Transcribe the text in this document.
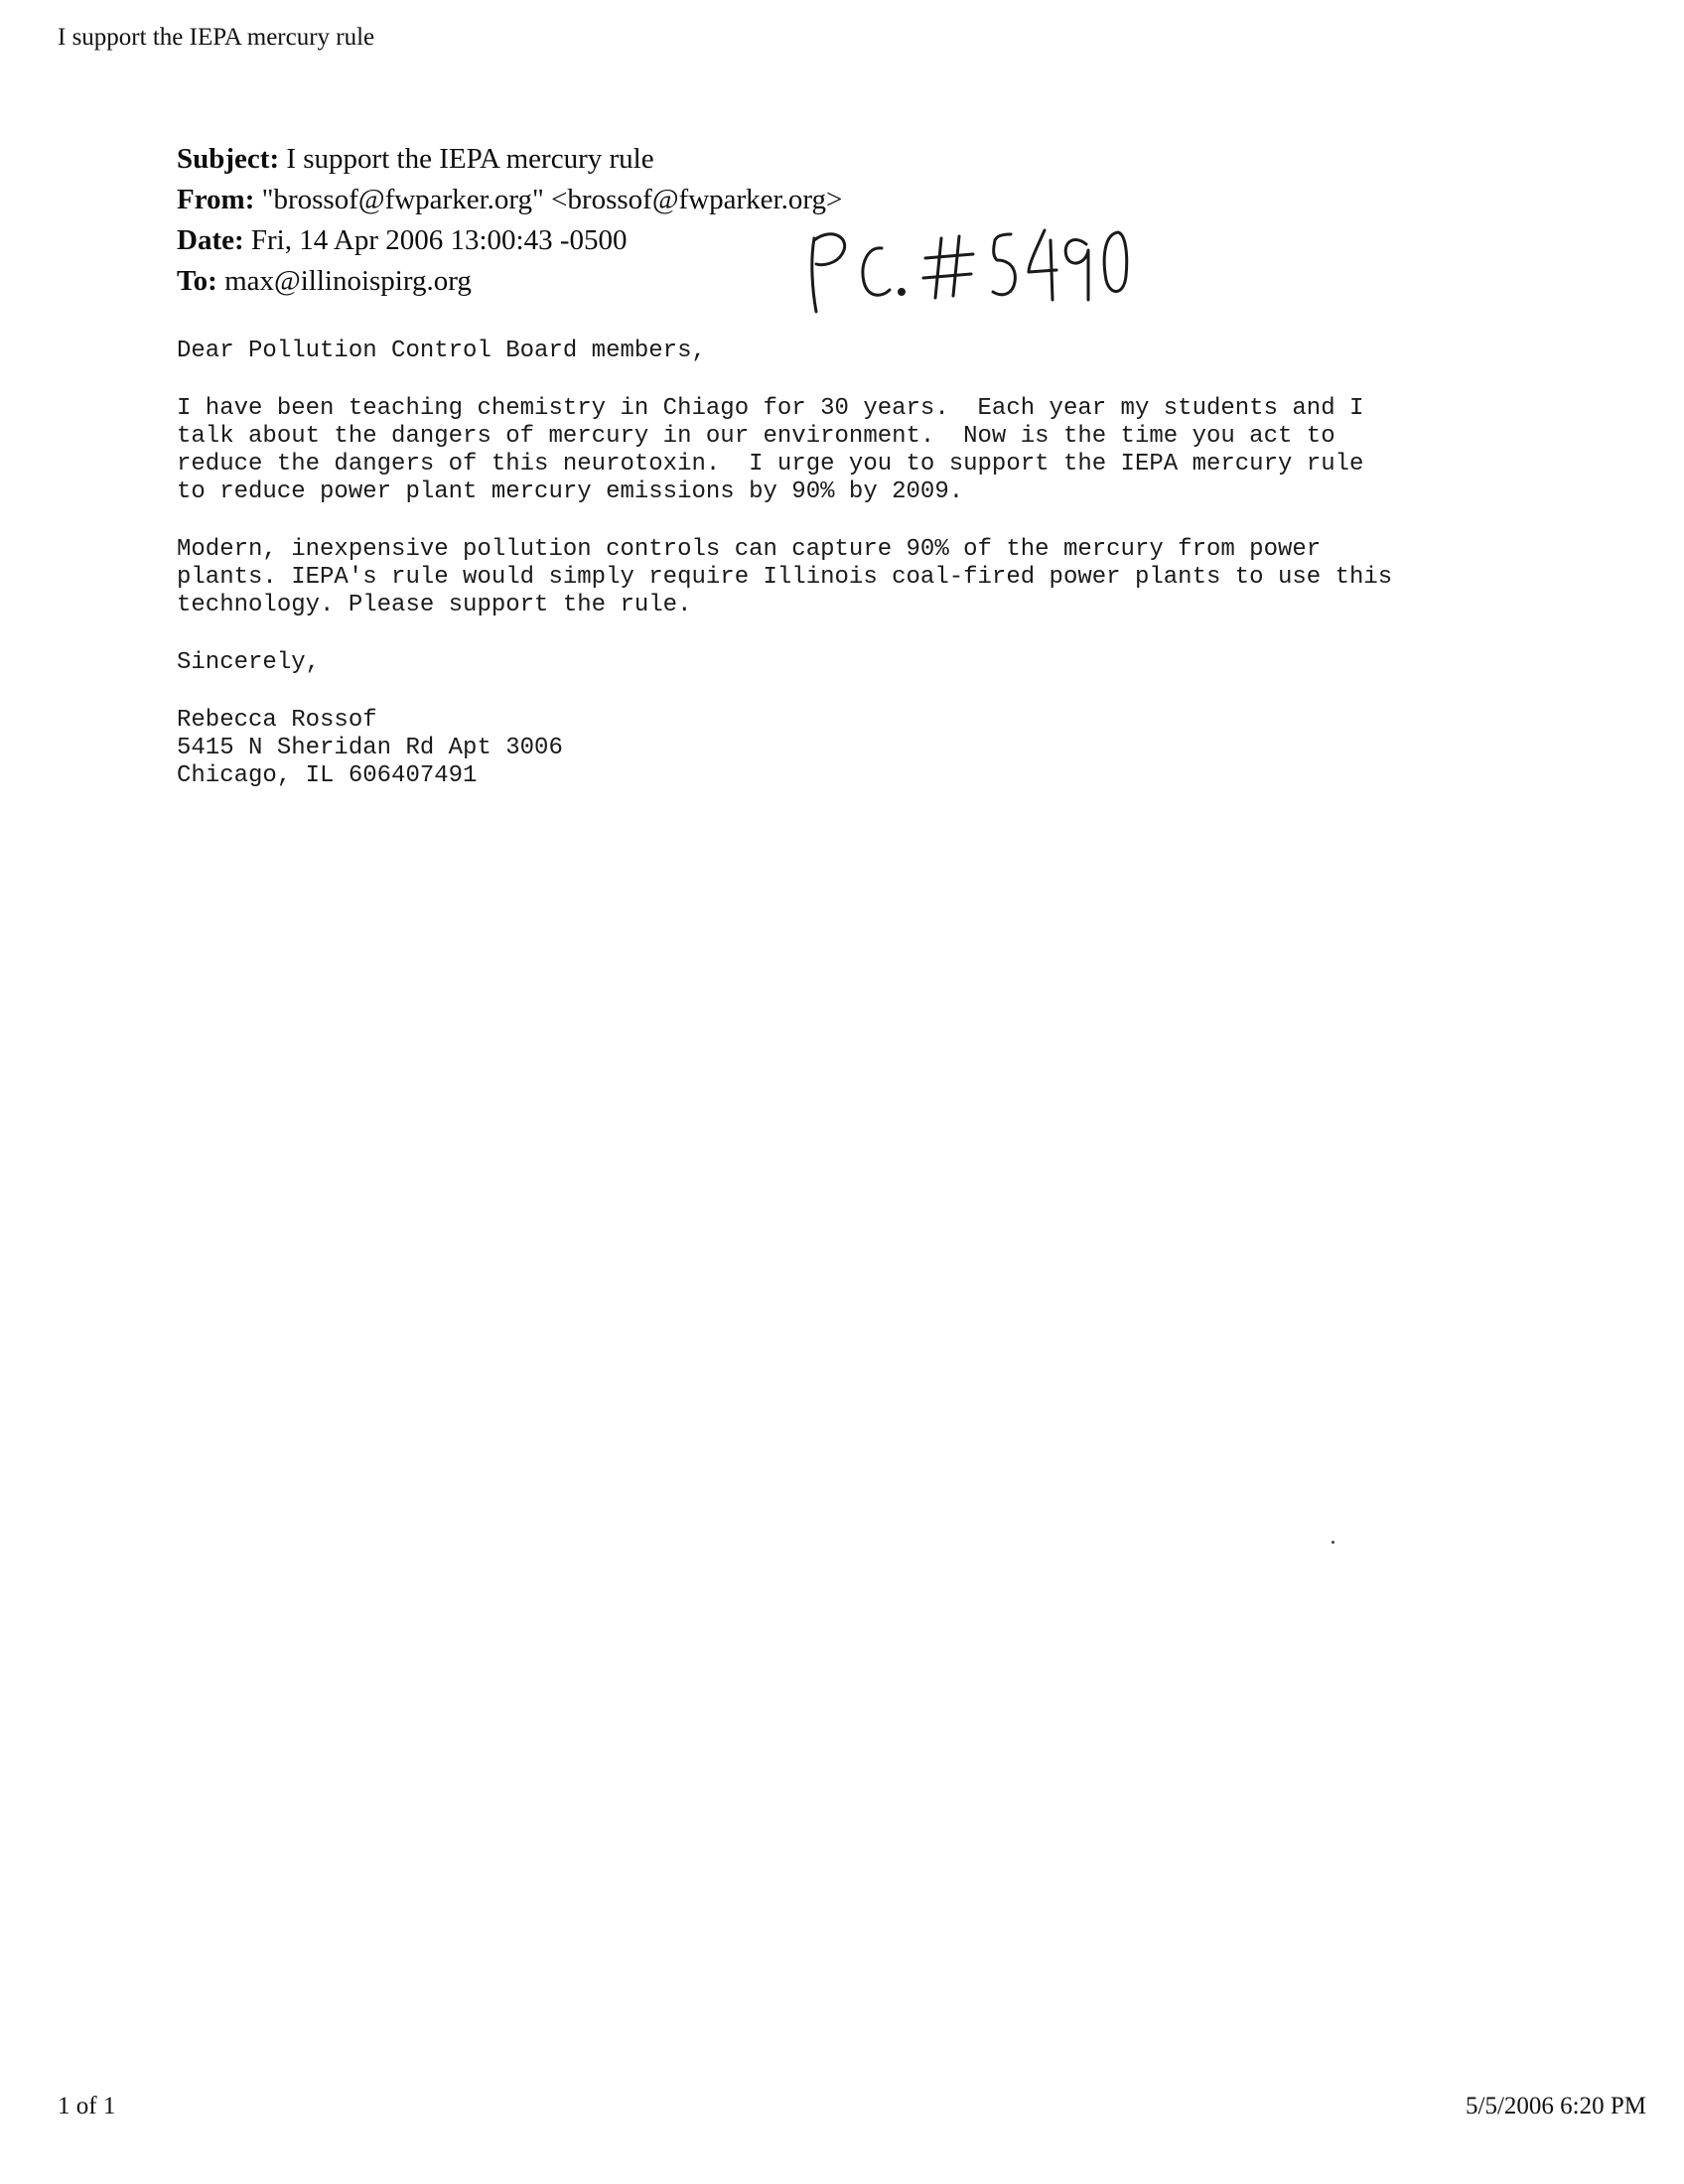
I support the IEPA mercury rule
Subject: I support the IEPA mercury rule
From: "brossof@fwparker.org" <brossof@fwparker.org>
Date: Fri, 14 Apr 2006 13:00:43 -0500
To: max@illinoispirg.org

Dear Pollution Control Board members,

I have been teaching chemistry in Chiago for 30 years.  Each year my students and I
talk about the dangers of mercury in our environment.  Now is the time you act to
reduce the dangers of this neurotoxin.  I urge you to support the IEPA mercury rule
to reduce power plant mercury emissions by 90% by 2009.

Modern, inexpensive pollution controls can capture 90% of the mercury from power
plants. IEPA's rule would simply require Illinois coal-fired power plants to use this
technology. Please support the rule.

Sincerely,

Rebecca Rossof

5415 N Sheridan Rd Apt 3006

Chicago, IL 606407491

1 of 1	5/5/2006 6:20 PM
